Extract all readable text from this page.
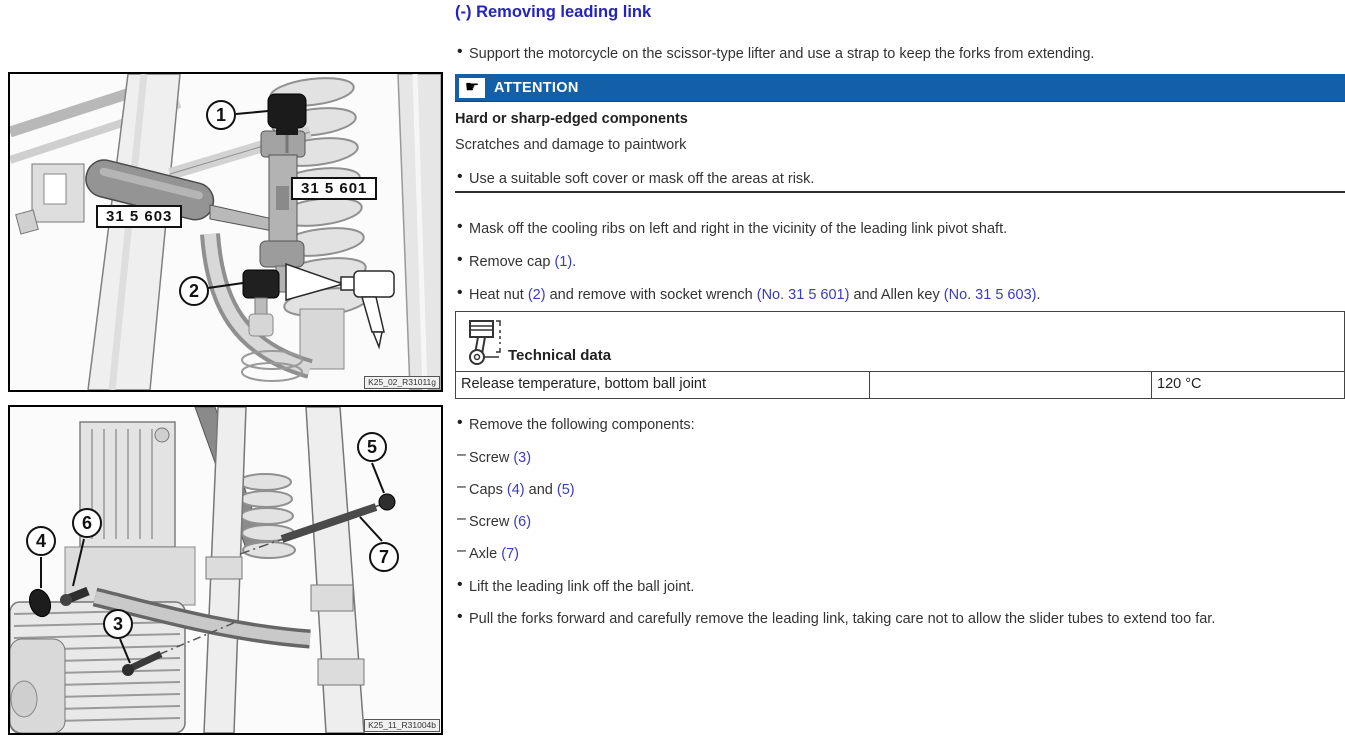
1
2
31 5 601
31 5 603
K25_02_R31011g
4
6
5
7
3
K25_11_R31004b
(-) Removing leading link
• Support the motorcycle on the scissor-type lifter and use a strap to keep the forks from extending.
☛	ATTENTION
Hard or sharp-edged components
Scratches and damage to paintwork
• Use a suitable soft cover or mask off the areas at risk.
• Mask off the cooling ribs on left and right in the vicinity of the leading link pivot shaft.
• Remove cap (1).
• Heat nut (2) and remove with socket wrench (No. 31 5 601) and Allen key (No. 31 5 603).
Technical data
Release temperature, bottom ball joint	120 °C
• Remove the following components:
– Screw (3)
– Caps (4) and (5)
– Screw (6)
– Axle (7)
• Lift the leading link off the ball joint.
• Pull the forks forward and carefully remove the leading link, taking care not to allow the slider tubes to extend too far.
